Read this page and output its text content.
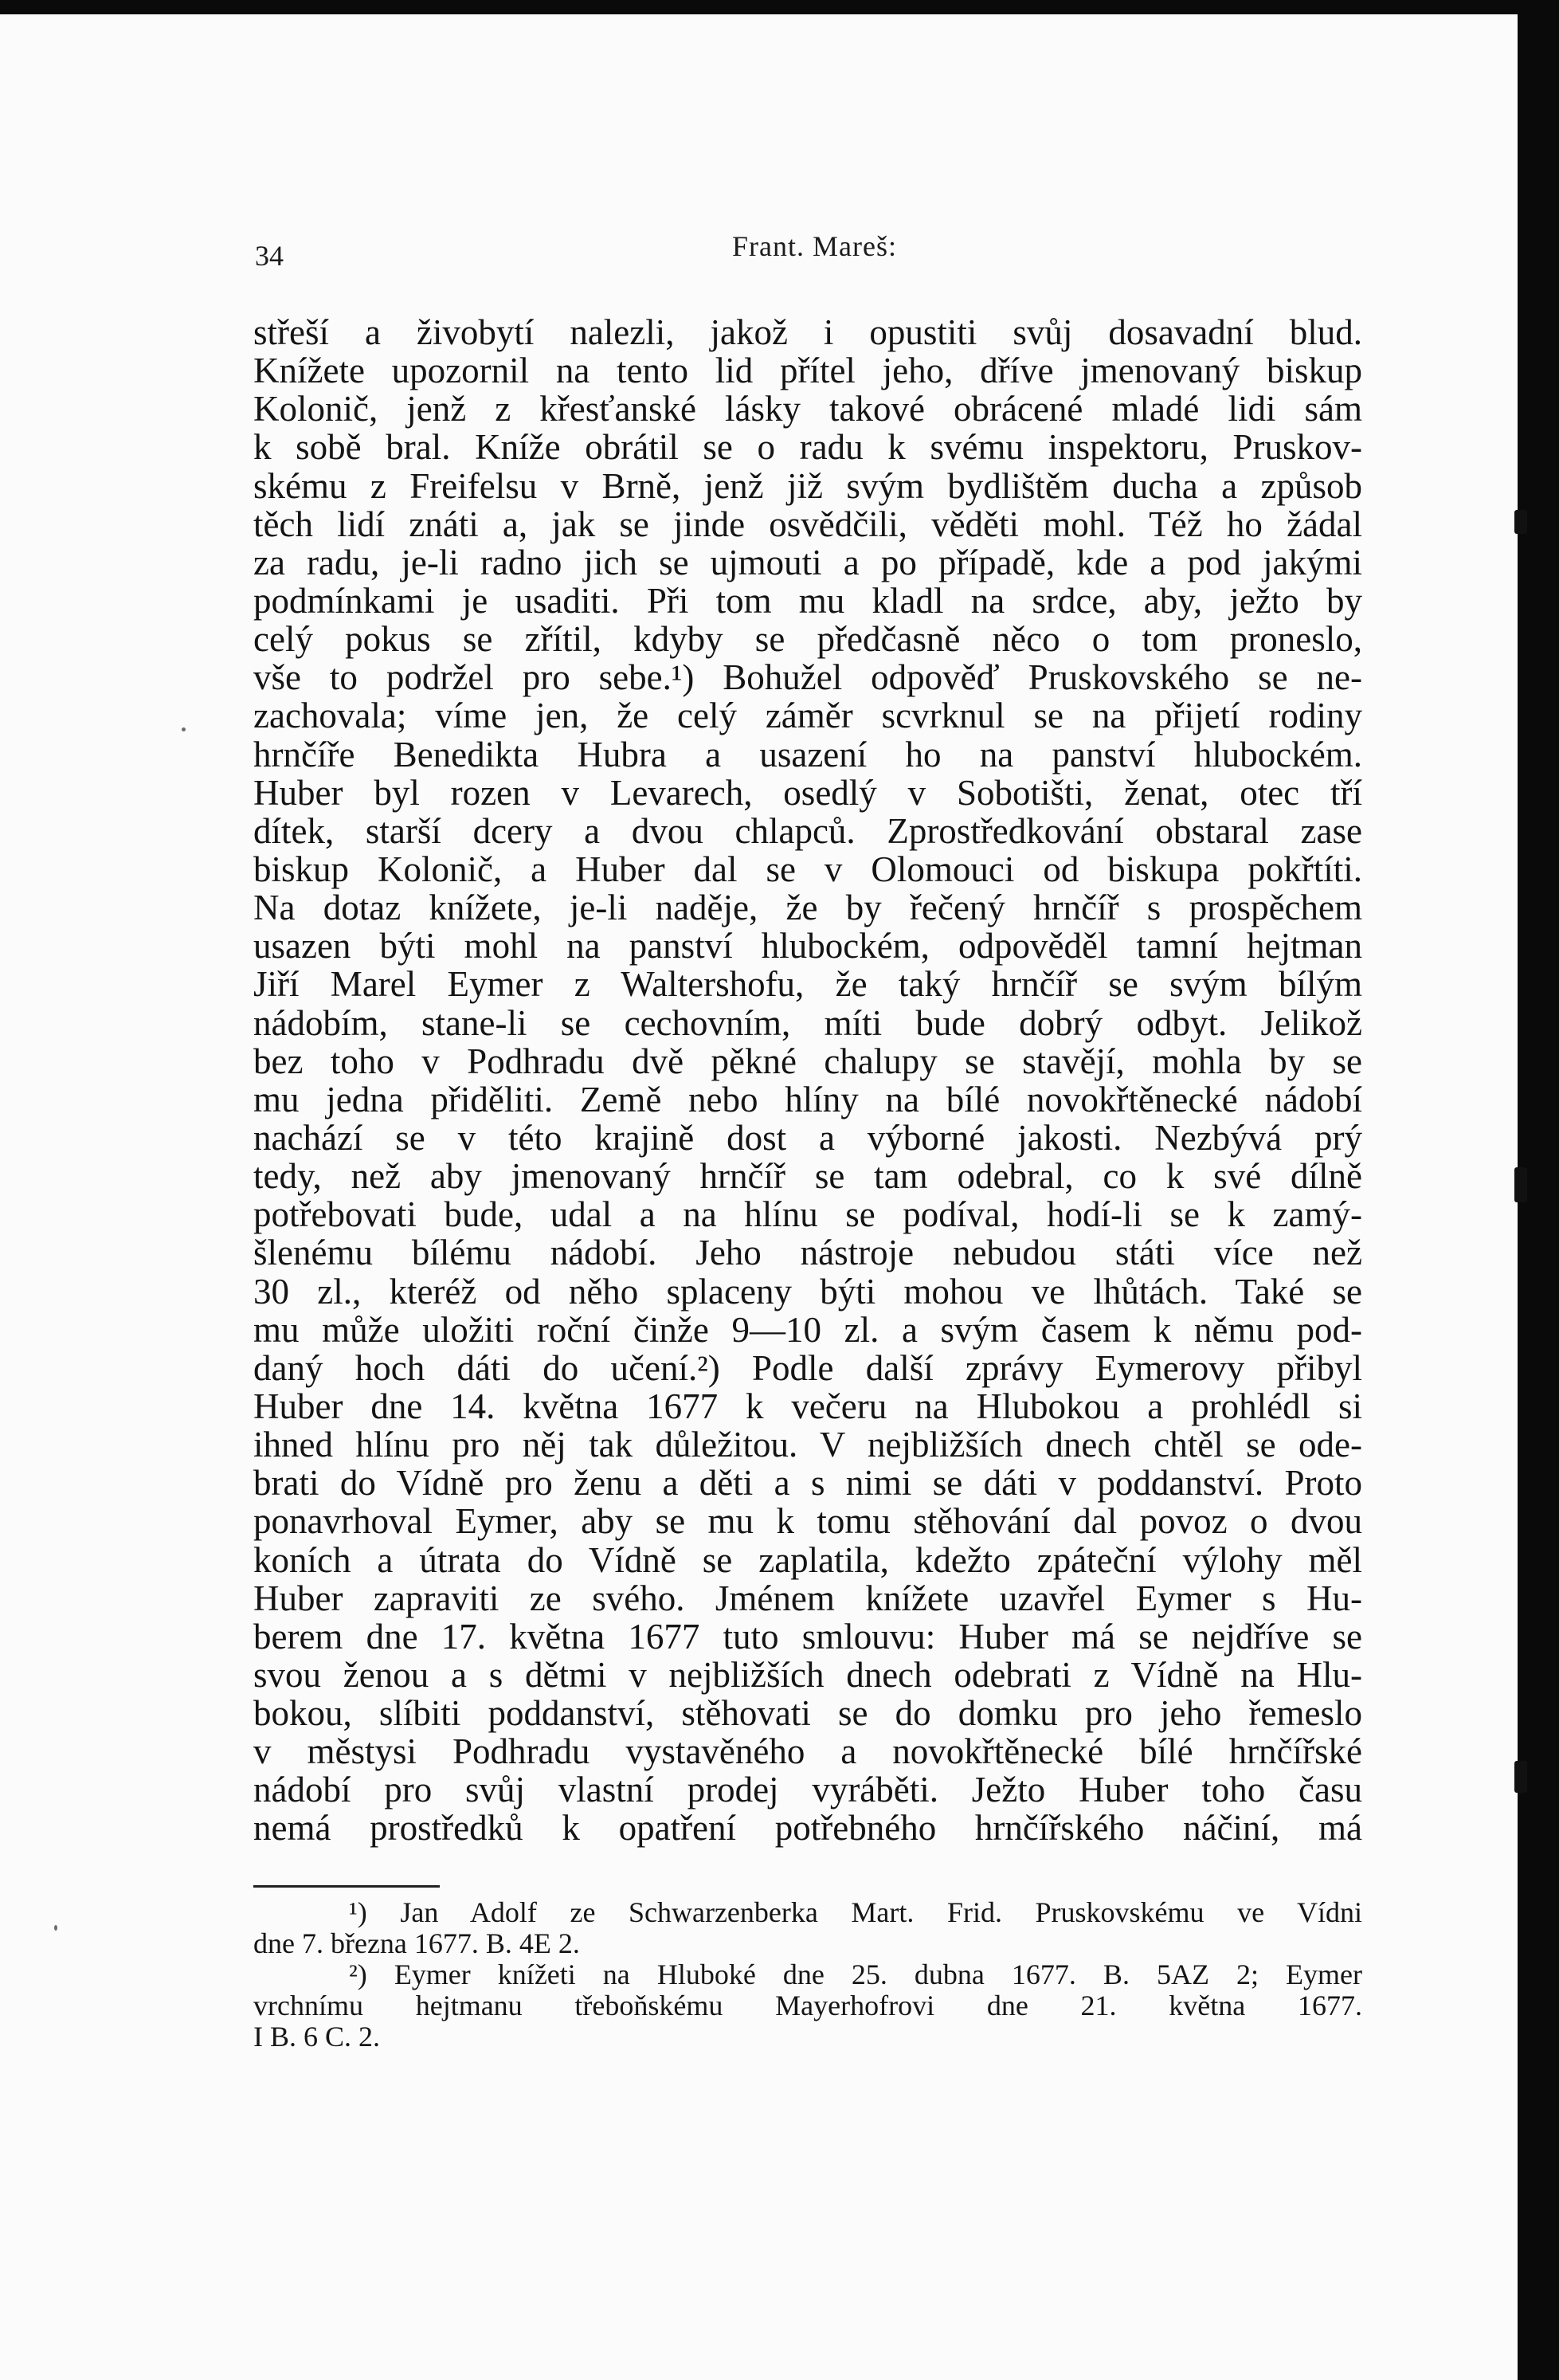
34	Frant. Mareš:
střeší a živobytí nalezli, jakož i opustiti svůj dosavadní blud.
Knížete upozornil na tento lid přítel jeho, dříve jmenovaný biskup
Kolonič, jenž z křesťanské lásky takové obrácené mladé lidi sám
k sobě bral. Kníže obrátil se o radu k svému inspektoru, Pruskov-
skému z Freifelsu v Brně, jenž již svým bydlištěm ducha a způsob
těch lidí znáti a, jak se jinde osvědčili, věděti mohl. Též ho žádal
za radu, je-li radno jich se ujmouti a po případě, kde a pod jakými
podmínkami je usaditi. Při tom mu kladl na srdce, aby, ježto by
celý pokus se zřítil, kdyby se předčasně něco o tom proneslo,
vše to podržel pro sebe.¹) Bohužel odpověď Pruskovského se ne-
zachovala; víme jen, že celý záměr scvrknul se na přijetí rodiny
hrnčíře Benedikta Hubra a usazení ho na panství hlubockém.
Huber byl rozen v Levarech, osedlý v Sobotišti, ženat, otec tří
dítek, starší dcery a dvou chlapců. Zprostředkování obstaral zase
biskup Kolonič, a Huber dal se v Olomouci od biskupa pokřtíti.
Na dotaz knížete, je-li naděje, že by řečený hrnčíř s prospěchem
usazen býti mohl na panství hlubockém, odpověděl tamní hejtman
Jiří Marel Eymer z Waltershofu, že taký hrnčíř se svým bílým
nádobím, stane-li se cechovním, míti bude dobrý odbyt. Jelikož
bez toho v Podhradu dvě pěkné chalupy se stavějí, mohla by se
mu jedna přiděliti. Země nebo hlíny na bílé novokřtěnecké nádobí
nachází se v této krajině dost a výborné jakosti. Nezbývá prý
tedy, než aby jmenovaný hrnčíř se tam odebral, co k své dílně
potřebovati bude, udal a na hlínu se podíval, hodí-li se k zamý-
šlenému bílému nádobí. Jeho nástroje nebudou státi více než
30 zl., kteréž od něho splaceny býti mohou ve lhůtách. Také se
mu může uložiti roční činže 9—10 zl. a svým časem k němu pod-
daný hoch dáti do učení.²) Podle další zprávy Eymerovy přibyl
Huber dne 14. května 1677 k večeru na Hlubokou a prohlédl si
ihned hlínu pro něj tak důležitou. V nejbližších dnech chtěl se ode-
brati do Vídně pro ženu a děti a s nimi se dáti v poddanství. Proto
ponavrhoval Eymer, aby se mu k tomu stěhování dal povoz o dvou
koních a útrata do Vídně se zaplatila, kdežto zpáteční výlohy měl
Huber zapraviti ze svého. Jménem knížete uzavřel Eymer s Hu-
berem dne 17. května 1677 tuto smlouvu: Huber má se nejdříve se
svou ženou a s dětmi v nejbližších dnech odebrati z Vídně na Hlu-
bokou, slíbiti poddanství, stěhovati se do domku pro jeho řemeslo
v městysi Podhradu vystavěného a novokřtěnecké bílé hrnčířské
nádobí pro svůj vlastní prodej vyráběti. Ježto Huber toho času
nemá prostředků k opatření potřebného hrnčířského náčiní, má
¹) Jan Adolf ze Schwarzenberka Mart. Frid. Pruskovskému ve Vídni
dne 7. března 1677. B. 4E 2.
²) Eymer knížeti na Hluboké dne 25. dubna 1677. B. 5AZ 2; Eymer
vrchnímu hejtmanu třeboňskému Mayerhofrovi dne 21. května 1677.
I B. 6 C. 2.
